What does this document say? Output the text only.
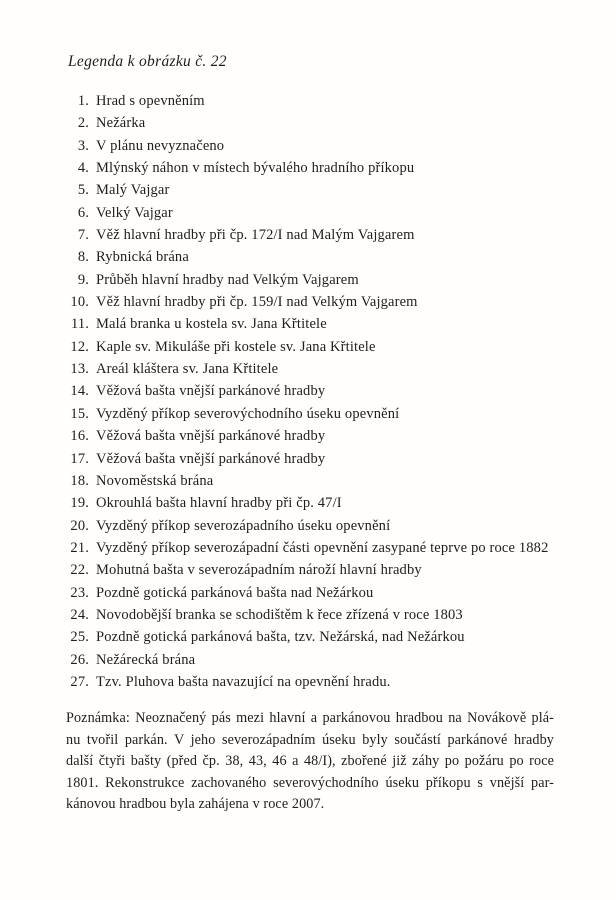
Legenda k obrázku č. 22
1. Hrad s opevněním
2. Nežárka
3. V plánu nevyznačeno
4. Mlýnský náhon v místech bývalého hradního příkopu
5. Malý Vajgar
6. Velký Vajgar
7. Věž hlavní hradby při čp. 172/I nad Malým Vajgarem
8. Rybnická brána
9. Průběh hlavní hradby nad Velkým Vajgarem
10. Věž hlavní hradby při čp. 159/I nad Velkým Vajgarem
11. Malá branka u kostela sv. Jana Křtitele
12. Kaple sv. Mikuláše při kostele sv. Jana Křtitele
13. Areál kláštera sv. Jana Křtitele
14. Věžová bašta vnější parkánové hradby
15. Vyzděný příkop severovýchodního úseku opevnění
16. Věžová bašta vnější parkánové hradby
17. Věžová bašta vnější parkánové hradby
18. Novoměstská brána
19. Okrouhlá bašta hlavní hradby při čp. 47/I
20. Vyzděný příkop severozápadního úseku opevnění
21. Vyzděný příkop severozápadní části opevnění zasypané teprve po roce 1882
22. Mohutná bašta v severozápadním nároží hlavní hradby
23. Pozdně gotická parkánová bašta nad Nežárkou
24. Novodobější branka se schodištěm k řece zřízená v roce 1803
25. Pozdně gotická parkánová bašta, tzv. Nežárská, nad Nežárkou
26. Nežárecká brána
27. Tzv. Pluhova bašta navazující na opevnění hradu.
Poznámka: Neoznačený pás mezi hlavní a parkánovou hradbou na Novákově plá-
nu tvořil parkán. V jeho severozápadním úseku byly součástí parkánové hradby
další čtyři bašty (před čp. 38, 43, 46 a 48/I), zbořené již záhy po požáru po roce
1801. Rekonstrukce zachovaného severovýchodního úseku příkopu s vnější par-
kánovou hradbou byla zahájena v roce 2007.
